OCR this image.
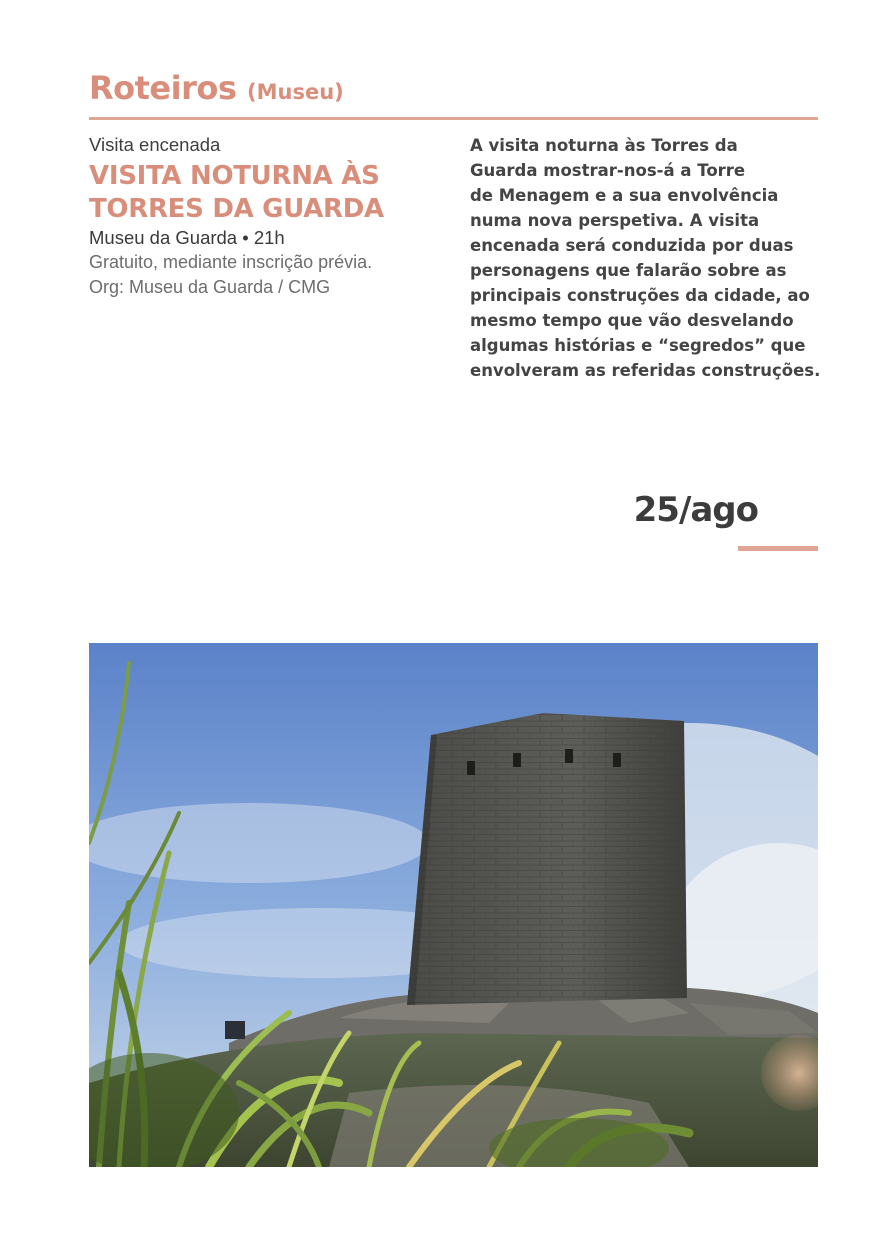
Roteiros (Museu)
Visita encenada
VISITA NOTURNA ÀS
TORRES DA GUARDA
Museu da Guarda • 21h
Gratuito, mediante inscrição prévia.
Org: Museu da Guarda / CMG
A visita noturna às Torres da
Guarda mostrar-nos-á a Torre
de Menagem e a sua envolvência
numa nova perspetiva. A visita
encenada será conduzida por duas
personagens que falarão sobre as
principais construções da cidade, ao
mesmo tempo que vão desvelando
algumas histórias e “segredos” que
envolveram as referidas construções.
25/ago
